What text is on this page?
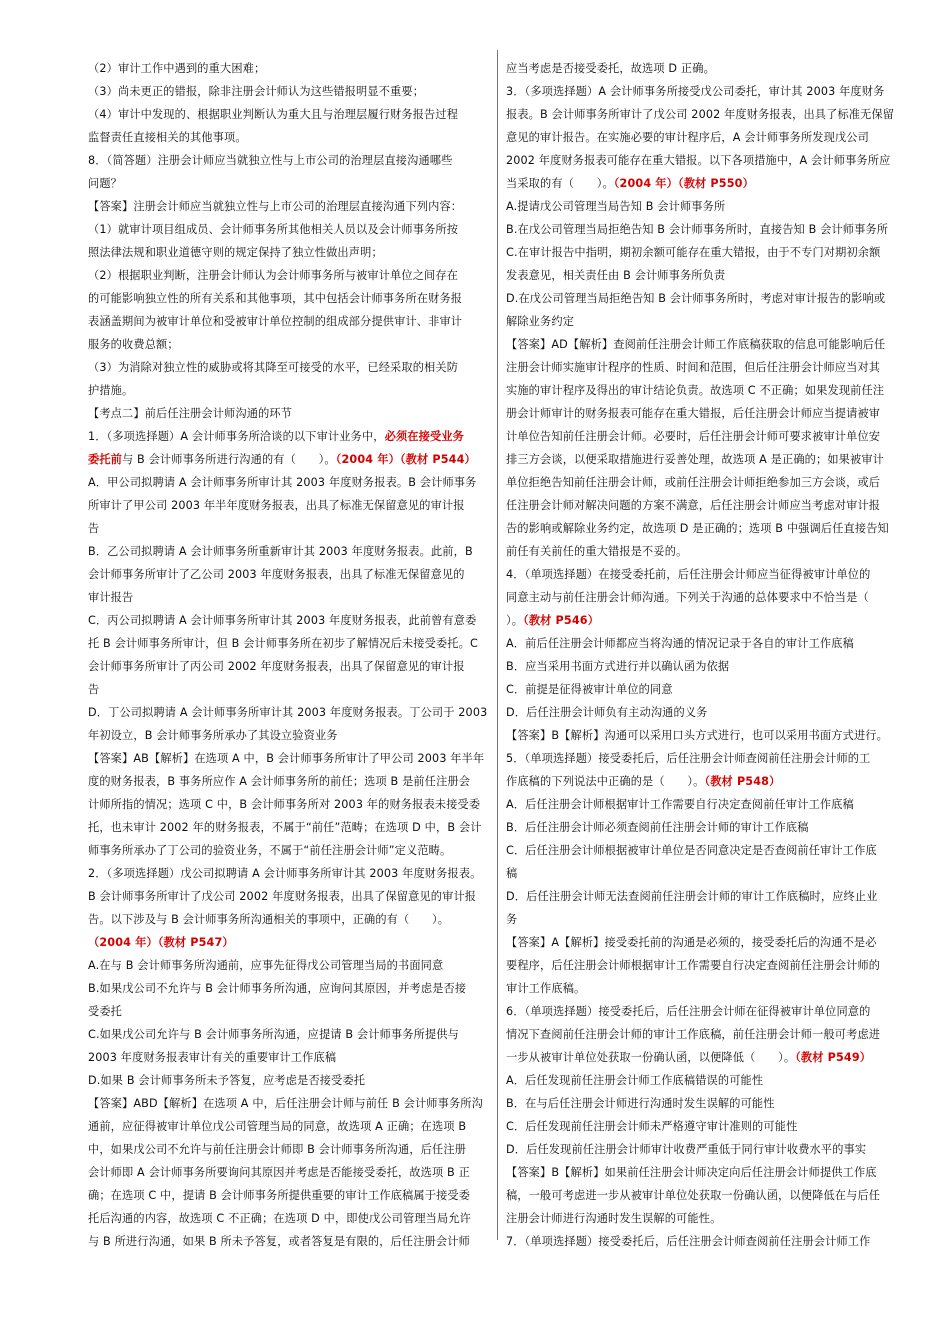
（2）审计工作中遇到的重大困难；
（3）尚未更正的错报，除非注册会计师认为这些错报明显不重要；
（4）审计中发现的、根据职业判断认为重大且与治理层履行财务报告过程
监督责任直接相关的其他事项。
8．（简答题）注册会计师应当就独立性与上市公司的治理层直接沟通哪些
问题？
【答案】注册会计师应当就独立性与上市公司的治理层直接沟通下列内容：
（1）就审计项目组成员、会计师事务所其他相关人员以及会计师事务所按
照法律法规和职业道德守则的规定保持了独立性做出声明；
（2）根据职业判断，注册会计师认为会计师事务所与被审计单位之间存在
的可能影响独立性的所有关系和其他事项，其中包括会计师事务所在财务报
表涵盖期间为被审计单位和受被审计单位控制的组成部分提供审计、非审计
服务的收费总额；
（3）为消除对独立性的威胁或将其降至可接受的水平，已经采取的相关防
护措施。
【考点二】前后任注册会计师沟通的环节
1．（多项选择题）A 会计师事务所洽谈的以下审计业务中，必须在接受业务
委托前与 B 会计师事务所进行沟通的有（　　）。（2004 年）（教材 P544）
A．甲公司拟聘请 A 会计师事务所审计其 2003 年度财务报表。B 会计师事务
所审计了甲公司 2003 年半年度财务报表，出具了标准无保留意见的审计报
告
B．乙公司拟聘请 A 会计师事务所重新审计其 2003 年度财务报表。此前，B
会计师事务所审计了乙公司 2003 年度财务报表，出具了标准无保留意见的
审计报告
C．丙公司拟聘请 A 会计师事务所审计其 2003 年度财务报表，此前曾有意委
托 B 会计师事务所审计，但 B 会计师事务所在初步了解情况后未接受委托。C
会计师事务所审计了丙公司 2002 年度财务报表，出具了保留意见的审计报
告
D．丁公司拟聘请 A 会计师事务所审计其 2003 年度财务报表。丁公司于 2003
年初设立，B 会计师事务所承办了其设立验资业务
【答案】AB【解析】在选项 A 中，B 会计师事务所审计了甲公司 2003 年半年
度的财务报表，B 事务所应作 A 会计师事务所的前任；选项 B 是前任注册会
计师所指的情况；选项 C 中，B 会计师事务所对 2003 年的财务报表未接受委
托，也未审计 2002 年的财务报表，不属于“前任”范畴；在选项 D 中，B 会计
师事务所承办了丁公司的验资业务，不属于“前任注册会计师”定义范畴。
2．（多项选择题）戊公司拟聘请 A 会计师事务所审计其 2003 年度财务报表。
B 会计师事务所审计了戊公司 2002 年度财务报表，出具了保留意见的审计报
告。以下涉及与 B 会计师事务所沟通相关的事项中，正确的有（　　）。
（2004 年）（教材 P547）
A.在与 B 会计师事务所沟通前，应事先征得戊公司管理当局的书面同意
B.如果戊公司不允许与 B 会计师事务所沟通，应询问其原因，并考虑是否接
受委托
C.如果戊公司允许与 B 会计师事务所沟通，应提请 B 会计师事务所提供与
2003 年度财务报表审计有关的重要审计工作底稿
D.如果 B 会计师事务所未予答复，应考虑是否接受委托
【答案】ABD【解析】在选项 A 中，后任注册会计师与前任 B 会计师事务所沟
通前，应征得被审计单位戊公司管理当局的同意，故选项 A 正确；在选项 B
中，如果戊公司不允许与前任注册会计师即 B 会计师事务所沟通，后任注册
会计师即 A 会计师事务所要询问其原因并考虑是否能接受委托，故选项 B 正
确；在选项 C 中，提请 B 会计师事务所提供重要的审计工作底稿属于接受委
托后沟通的内容，故选项 C 不正确；在选项 D 中，即使戊公司管理当局允许
与 B 所进行沟通，如果 B 所未予答复，或者答复是有限的，后任注册会计师
应当考虑是否接受委托，故选项 D 正确。
3．（多项选择题）A 会计师事务所接受戊公司委托，审计其 2003 年度财务
报表。B 会计师事务所审计了戊公司 2002 年度财务报表，出具了标准无保留
意见的审计报告。在实施必要的审计程序后，A 会计师事务所发现戊公司
2002 年度财务报表可能存在重大错报。以下各项措施中，A 会计师事务所应
当采取的有（　　）。（2004 年）（教材 P550）
A.提请戊公司管理当局告知 B 会计师事务所
B.在戊公司管理当局拒绝告知 B 会计师事务所时，直接告知 B 会计师事务所
C.在审计报告中指明，期初余额可能存在重大错报，由于不专门对期初余额
发表意见，相关责任由 B 会计师事务所负责
D.在戊公司管理当局拒绝告知 B 会计师事务所时，考虑对审计报告的影响或
解除业务约定
【答案】AD【解析】查阅前任注册会计师工作底稿获取的信息可能影响后任
注册会计师实施审计程序的性质、时间和范围，但后任注册会计师应当对其
实施的审计程序及得出的审计结论负责。故选项 C 不正确；如果发现前任注
册会计师审计的财务报表可能存在重大错报，后任注册会计师应当提请被审
计单位告知前任注册会计师。必要时，后任注册会计师可要求被审计单位安
排三方会谈，以便采取措施进行妥善处理，故选项 A 是正确的；如果被审计
单位拒绝告知前任注册会计师，或前任注册会计师拒绝参加三方会谈，或后
任注册会计师对解决问题的方案不满意，后任注册会计师应当考虑对审计报
告的影响或解除业务约定，故选项 D 是正确的；选项 B 中强调后任直接告知
前任有关前任的重大错报是不妥的。
4．（单项选择题）在接受委托前，后任注册会计师应当征得被审计单位的
同意主动与前任注册会计师沟通。下列关于沟通的总体要求中不恰当是（
）。（教材 P546）
A．前后任注册会计师都应当将沟通的情况记录于各自的审计工作底稿
B．应当采用书面方式进行并以确认函为依据
C．前提是征得被审计单位的同意
D．后任注册会计师负有主动沟通的义务
【答案】B【解析】沟通可以采用口头方式进行，也可以采用书面方式进行。
5．（单项选择题）接受委托后，后任注册会计师查阅前任注册会计师的工
作底稿的下列说法中正确的是（　　）。（教材 P548）
A．后任注册会计师根据审计工作需要自行决定查阅前任审计工作底稿
B．后任注册会计师必须查阅前任注册会计师的审计工作底稿
C．后任注册会计师根据被审计单位是否同意决定是否查阅前任审计工作底
稿
D．后任注册会计师无法查阅前任注册会计师的审计工作底稿时，应终止业
务
【答案】A【解析】接受委托前的沟通是必须的，接受委托后的沟通不是必
要程序，后任注册会计师根据审计工作需要自行决定查阅前任注册会计师的
审计工作底稿。
6．（单项选择题）接受委托后，后任注册会计师在征得被审计单位同意的
情况下查阅前任注册会计师的审计工作底稿，前任注册会计师一般可考虑进
一步从被审计单位处获取一份确认函，以便降低（　　）。（教材 P549）
A．后任发现前任注册会计师工作底稿错误的可能性
B．在与后任注册会计师进行沟通时发生误解的可能性
C．后任发现前任注册会计师未严格遵守审计准则的可能性
D．后任发现前任注册会计师审计收费严重低于同行审计收费水平的事实
【答案】B【解析】如果前任注册会计师决定向后任注册会计师提供工作底
稿，一般可考虑进一步从被审计单位处获取一份确认函，以便降低在与后任
注册会计师进行沟通时发生误解的可能性。
7．（单项选择题）接受委托后，后任注册会计师查阅前任注册会计师工作
